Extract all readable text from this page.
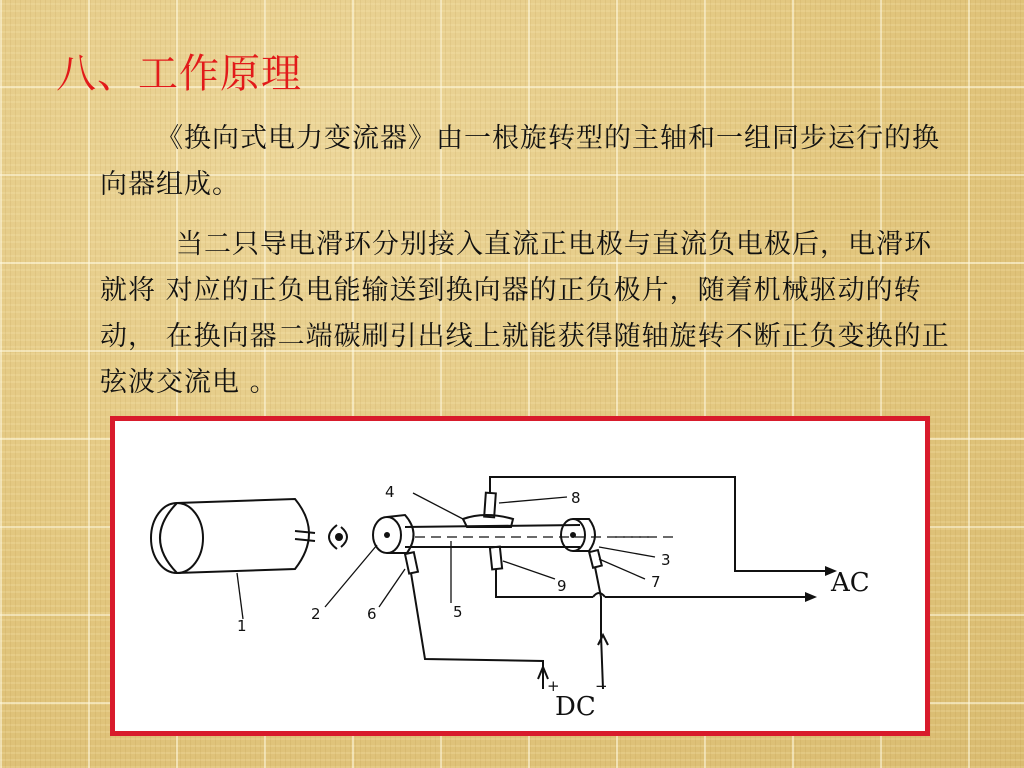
八、工作原理

《换向式电力变流器》由一根旋转型的主轴和一组同步运行的换向器组成。

当二只导电滑环分别接入直流正电极与直流负电极后，电滑环就将 对应的正负电能输送到换向器的正负极片，随着机械驱动的转动， 在换向器二端碳刷引出线上就能获得随轴旋转不断正负变换的正弦波交流电 。

1
2	6	5
4	8
9
3
7	AC
DC
+ −
